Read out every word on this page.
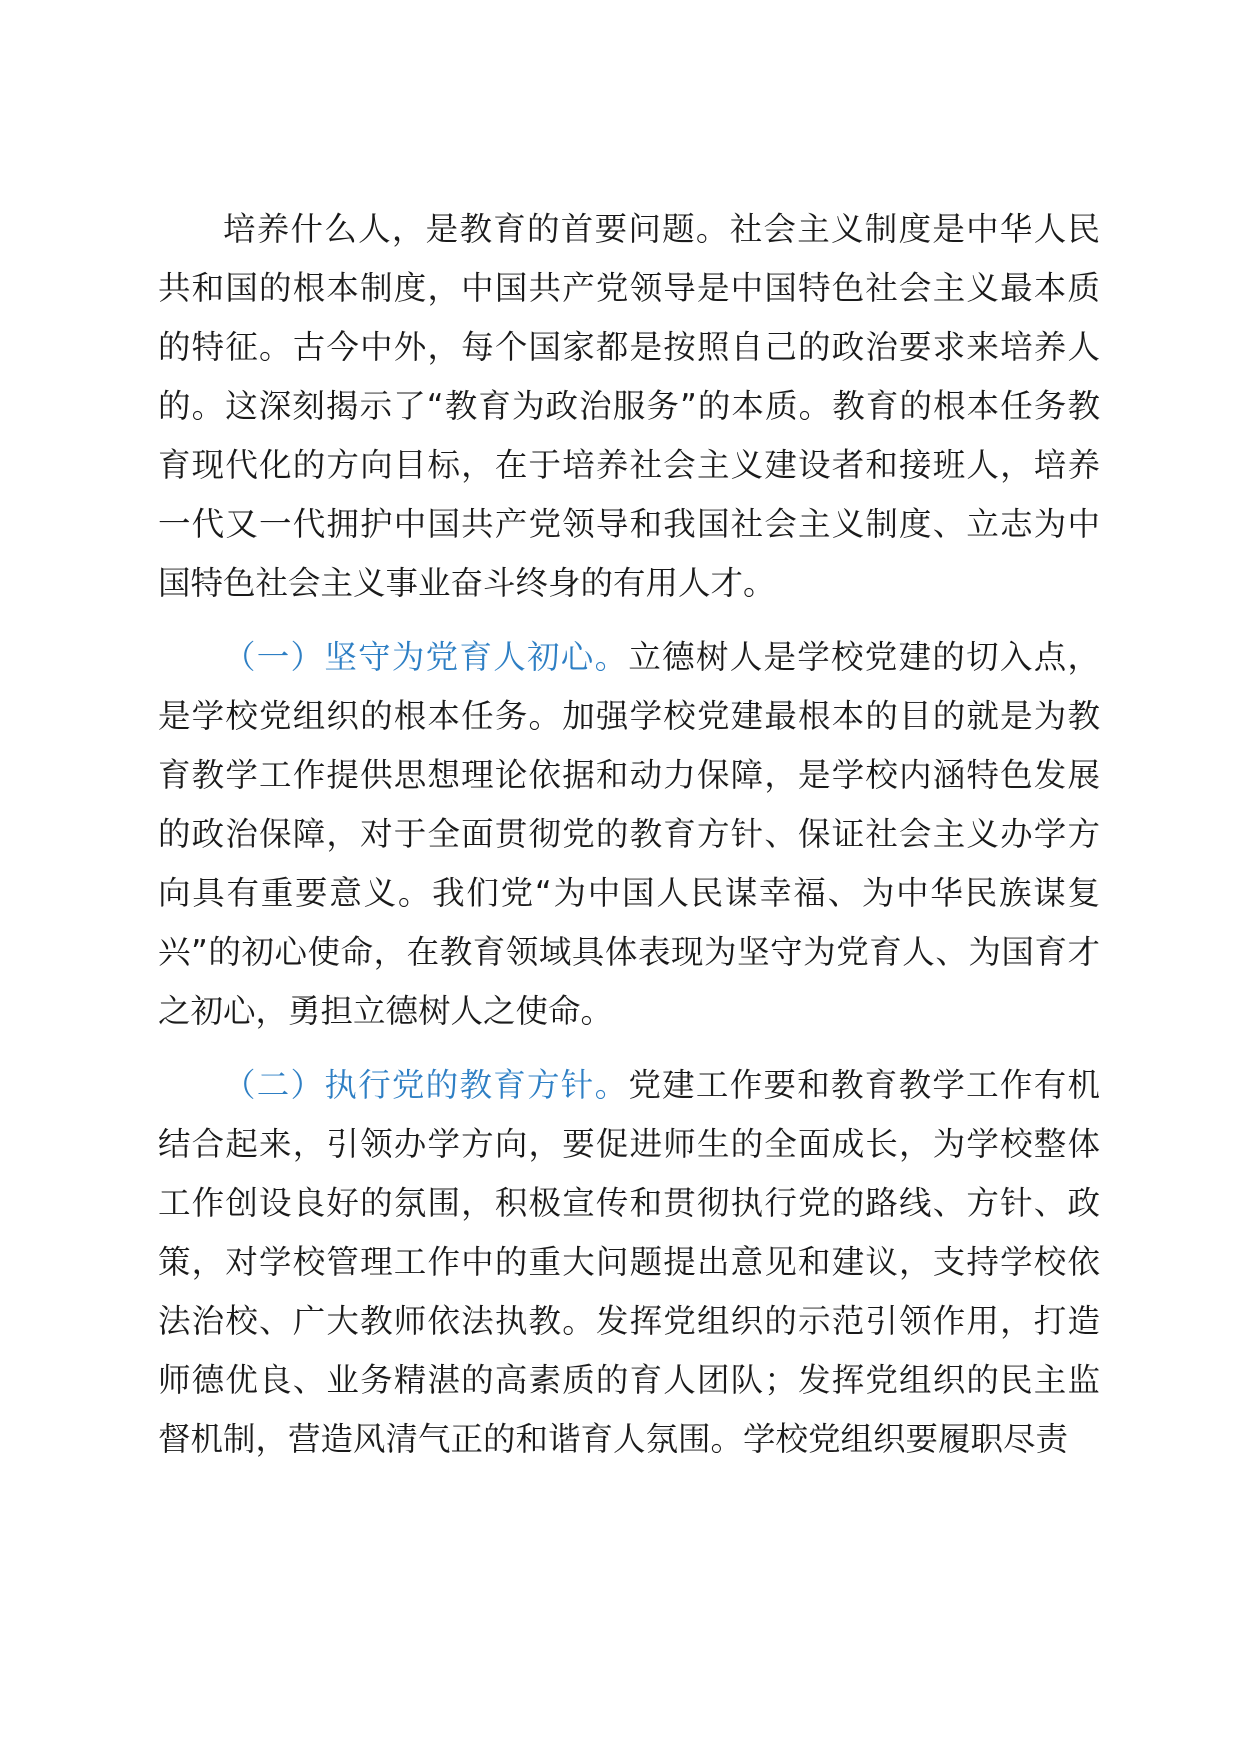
培养什么人，是教育的首要问题。社会主义制度是中华人民共和国的根本制度，中国共产党领导是中国特色社会主义最本质的特征。古今中外，每个国家都是按照自己的政治要求来培养人的。这深刻揭示了“教育为政治服务”的本质。教育的根本任务教育现代化的方向目标，在于培养社会主义建设者和接班人，培养一代又一代拥护中国共产党领导和我国社会主义制度、立志为中国特色社会主义事业奋斗终身的有用人才。

（一）坚守为党育人初心。立德树人是学校党建的切入点，是学校党组织的根本任务。加强学校党建最根本的目的就是为教育教学工作提供思想理论依据和动力保障，是学校内涵特色发展的政治保障，对于全面贯彻党的教育方针、保证社会主义办学方向具有重要意义。我们党“为中国人民谋幸福、为中华民族谋复兴”的初心使命，在教育领域具体表现为坚守为党育人、为国育才之初心，勇担立德树人之使命。

（二）执行党的教育方针。党建工作要和教育教学工作有机结合起来，引领办学方向，要促进师生的全面成长，为学校整体工作创设良好的氛围，积极宣传和贯彻执行党的路线、方针、政策，对学校管理工作中的重大问题提出意见和建议，支持学校依法治校、广大教师依法执教。发挥党组织的示范引领作用，打造师德优良、业务精湛的高素质的育人团队；发挥党组织的民主监督机制，营造风清气正的和谐育人氛围。学校党组织要履职尽责
